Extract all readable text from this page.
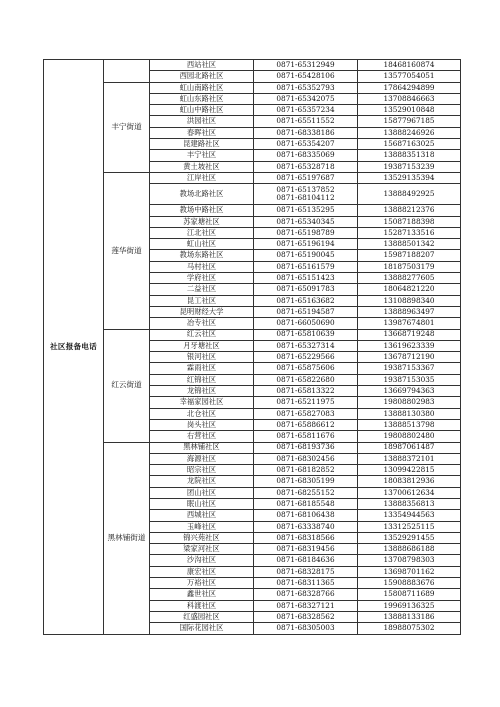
社区报备电话		西站社区	0871-65312949	18468160874
		西园北路社区	0871-65428106	13577054051
	丰宁街道	虹山南路社区	0871-65352793	17864294899
		虹山东路社区	0871-65342075	13708846663
		虹山中路社区	0871-65357234	13529010848
		洪园社区	0871-65511552	15877967185
		春晖社区	0871-68338186	13888246926
		昆建路社区	0871-65354207	15687163025
		丰宁社区	0871-68335069	13888351318
		黄土坡社区	0871-65328718	19387153239
	莲华街道	江岸社区	0871-65197687	13529135394
		教场北路社区	0871-65137852
0871-68104112	13888492925
		教场中路社区	0871-65135295	13888212376
		苏家塘社区	0871-65340345	15087188398
		江北社区	0871-65198789	15287133516
		虹山社区	0871-65196194	13888501342
		教场东路社区	0871-65190045	15987188207
		马村社区	0871-65161579	18187503179
		学府社区	0871-65151423	13888277605
		二益社区	0871-65091783	18064821220
		昆工社区	0871-65163682	13108898340
		昆明财经大学	0871-65194587	13888963497
		冶专社区	0871-66050690	13987674801
	红云街道	红云社区	0871-65810639	13668719248
		月牙塘社区	0871-65327314	13619623339
		银河社区	0871-65229566	13678712190
		霖雨社区	0871-65875606	19387153367
		红锦社区	0871-65822680	19387153035
		龙锦社区	0871-65813322	13669794363
		幸福家园社区	0871-65211975	19808802983
		北仓社区	0871-65827083	13888130380
		岗头社区	0871-65886612	13888513798
		右营社区	0871-65811676	19808802480
	黑林铺街道	黑林铺社区	0871-68193736	18987061487
		海源社区	0871-68302456	13888372101
		昭宗社区	0871-68182852	13099422815
		龙院社区	0871-68305199	18083812936
		团山社区	0871-68255152	13700612634
		眠山社区	0871-68185548	13888356813
		西城社区	0871-68106438	13354944563
		玉峰社区	0871-63338740	13312525115
		锦兴苑社区	0871-68318566	13529291455
		梁家河社区	0871-68319456	13888686188
		沙沟社区	0871-68184636	13708798303
		康宏社区	0871-68328175	13698701162
		万裕社区	0871-68311365	15908883676
		鑫世社区	0871-68328766	15808711689
		科渡社区	0871-68327121	19969136325
		红盛园社区	0871-68328562	13888133186
		国际花园社区	0871-68305003	18988075302
